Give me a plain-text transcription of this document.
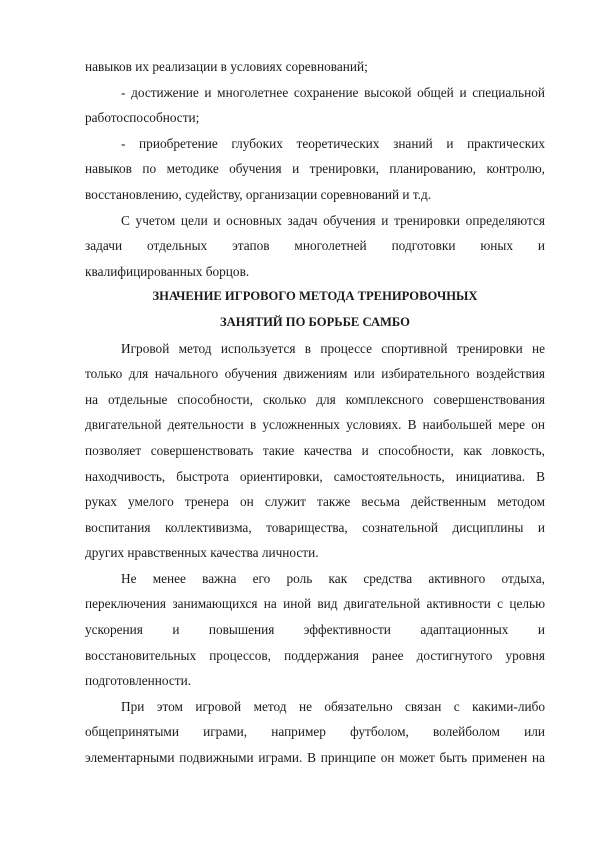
навыков их реализации в условиях соревнований;
- достижение и многолетнее сохранение высокой общей и специальной
работоспособности;
- приобретение глубоких теоретических знаний и практических
навыков по методике обучения и тренировки, планированию, контролю,
восстановлению, судейству, организации соревнований и т.д.
С учетом цели и основных задач обучения и тренировки определяются
задачи отдельных этапов многолетней подготовки юных и
квалифицированных борцов.
ЗНАЧЕНИЕ ИГРОВОГО МЕТОДА ТРЕНИРОВОЧНЫХ
ЗАНЯТИЙ ПО БОРЬБЕ САМБО
Игровой метод используется в процессе спортивной тренировки не
только для начального обучения движениям или избирательного воздействия
на отдельные способности, сколько для комплексного совершенствования
двигательной деятельности в усложненных условиях. В наибольшей мере он
позволяет совершенствовать такие качества и способности, как ловкость,
находчивость, быстрота ориентировки, самостоятельность, инициатива. В
руках умелого тренера он служит также весьма действенным методом
воспитания коллективизма, товарищества, сознательной дисциплины и
других нравственных качества личности.
Не менее важна его роль как средства активного отдыха,
переключения занимающихся на иной вид двигательной активности с целью
ускорения и повышения эффективности адаптационных и
восстановительных процессов, поддержания ранее достигнутого уровня
подготовленности.
При этом игровой метод не обязательно связан с какими-либо
общепринятыми играми, например футболом, волейболом или
элементарными подвижными играми. В принципе он может быть применен на
